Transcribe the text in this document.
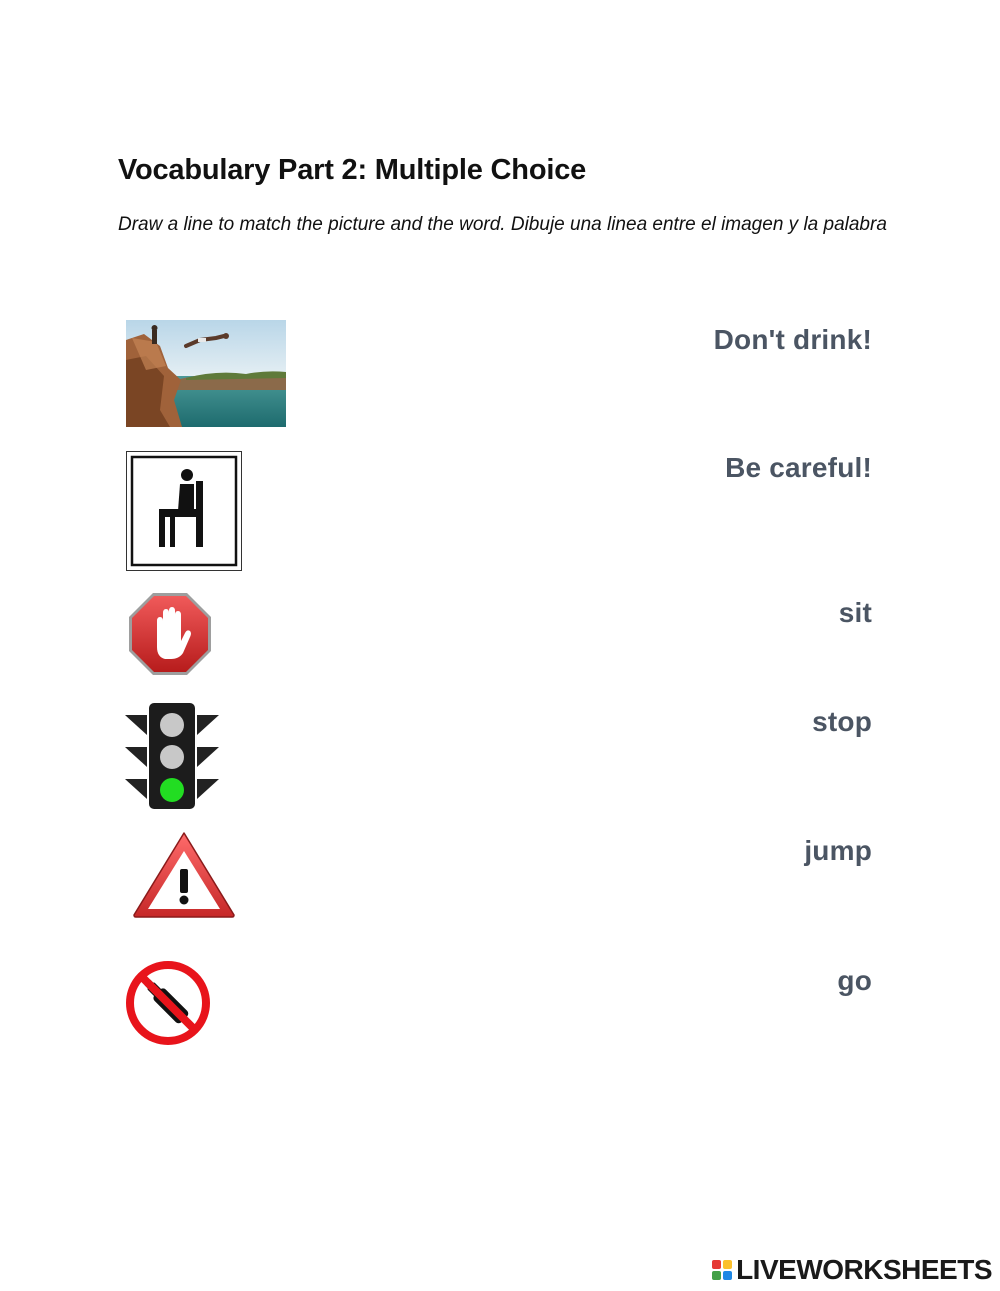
Vocabulary Part 2: Multiple Choice
Draw a line to match the picture and the word. Dibuje una linea entre el imagen y la palabra
Don't drink!
Be careful!
sit
stop
jump
go
LIVEWORKSHEETS
